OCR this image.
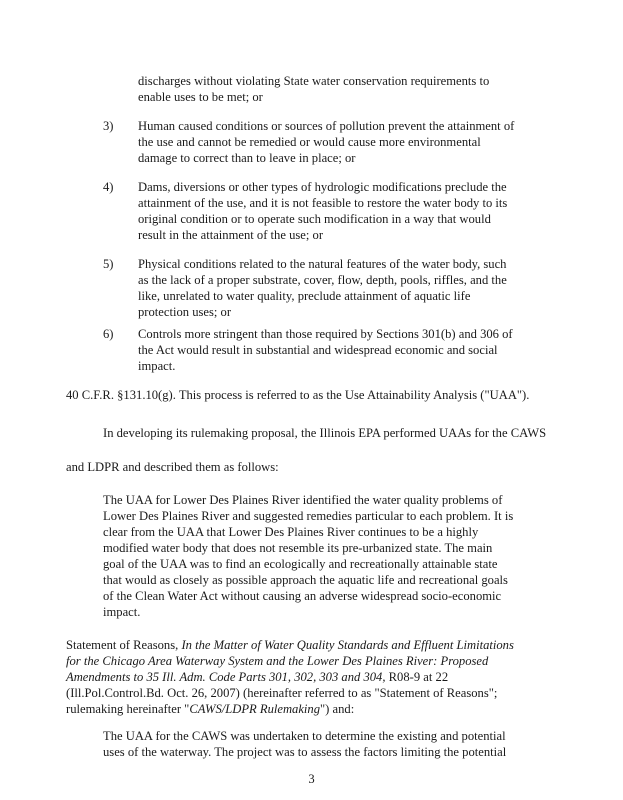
discharges without violating State water conservation requirements to
enable uses to be met; or
3) Human caused conditions or sources of pollution prevent the attainment of
the use and cannot be remedied or would cause more environmental
damage to correct than to leave in place; or
4) Dams, diversions or other types of hydrologic modifications preclude the
attainment of the use, and it is not feasible to restore the water body to its
original condition or to operate such modification in a way that would
result in the attainment of the use; or
5) Physical conditions related to the natural features of the water body, such
as the lack of a proper substrate, cover, flow, depth, pools, riffles, and the
like, unrelated to water quality, preclude attainment of aquatic life
protection uses; or
6) Controls more stringent than those required by Sections 301(b) and 306 of
the Act would result in substantial and widespread economic and social
impact.
40 C.F.R. §131.10(g). This process is referred to as the Use Attainability Analysis ("UAA").
In developing its rulemaking proposal, the Illinois EPA performed UAAs for the CAWS
and LDPR and described them as follows:
The UAA for Lower Des Plaines River identified the water quality problems of
Lower Des Plaines River and suggested remedies particular to each problem. It is
clear from the UAA that Lower Des Plaines River continues to be a highly
modified water body that does not resemble its pre-urbanized state. The main
goal of the UAA was to find an ecologically and recreationally attainable state
that would as closely as possible approach the aquatic life and recreational goals
of the Clean Water Act without causing an adverse widespread socio-economic
impact.
Statement of Reasons, In the Matter of Water Quality Standards and Effluent Limitations
for the Chicago Area Waterway System and the Lower Des Plaines River: Proposed
Amendments to 35 Ill. Adm. Code Parts 301, 302, 303 and 304, R08-9 at 22
(Ill.Pol.Control.Bd. Oct. 26, 2007) (hereinafter referred to as "Statement of Reasons";
rulemaking hereinafter "CAWS/LDPR Rulemaking") and:
The UAA for the CAWS was undertaken to determine the existing and potential
uses of the waterway. The project was to assess the factors limiting the potential
3
